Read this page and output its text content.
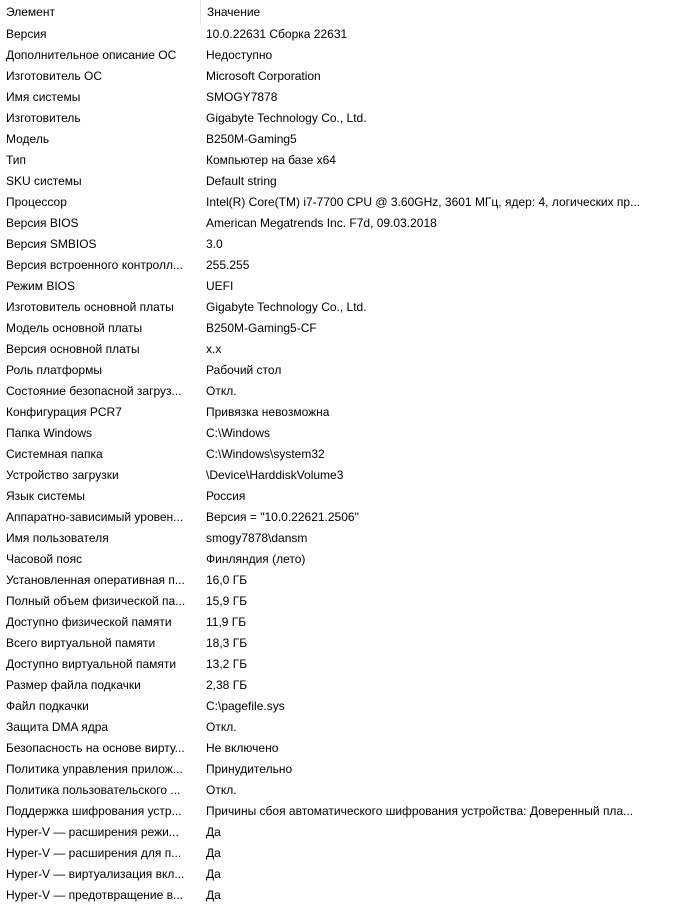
Элемент	Значение
Версия	10.0.22631 Сборка 22631
Дополнительное описание ОС	Недоступно
Изготовитель ОС	Microsoft Corporation
Имя системы	SMOGY7878
Изготовитель	Gigabyte Technology Co., Ltd.
Модель	B250M-Gaming5
Тип	Компьютер на базе x64
SKU системы	Default string
Процессор	Intel(R) Core(TM) i7-7700 CPU @ 3.60GHz, 3601 МГц, ядер: 4, логических пр...
Версия BIOS	American Megatrends Inc. F7d, 09.03.2018
Версия SMBIOS	3.0
Версия встроенного контролл...	255.255
Режим BIOS	UEFI
Изготовитель основной платы	Gigabyte Technology Co., Ltd.
Модель основной платы	B250M-Gaming5-CF
Версия основной платы	x.x
Роль платформы	Рабочий стол
Состояние безопасной загруз...	Откл.
Конфигурация PCR7	Привязка невозможна
Папка Windows	C:\Windows
Системная папка	C:\Windows\system32
Устройство загрузки	\Device\HarddiskVolume3
Язык системы	Россия
Аппаратно-зависимый уровен...	Версия = "10.0.22621.2506"
Имя пользователя	smogy7878\dansm
Часовой пояс	Финляндия (лето)
Установленная оперативная п...	16,0 ГБ
Полный объем физической па...	15,9 ГБ
Доступно физической памяти	11,9 ГБ
Всего виртуальной памяти	18,3 ГБ
Доступно виртуальной памяти	13,2 ГБ
Размер файла подкачки	2,38 ГБ
Файл подкачки	C:\pagefile.sys
Защита DMA ядра	Откл.
Безопасность на основе вирту...	Не включено
Политика управления прилож...	Принудительно
Политика пользовательского ...	Откл.
Поддержка шифрования устр...	Причины сбоя автоматического шифрования устройства: Доверенный пла...
Hyper-V — расширения режи...	Да
Hyper-V — расширения для п...	Да
Hyper-V — виртуализация вкл...	Да
Hyper-V — предотвращение в...	Да
